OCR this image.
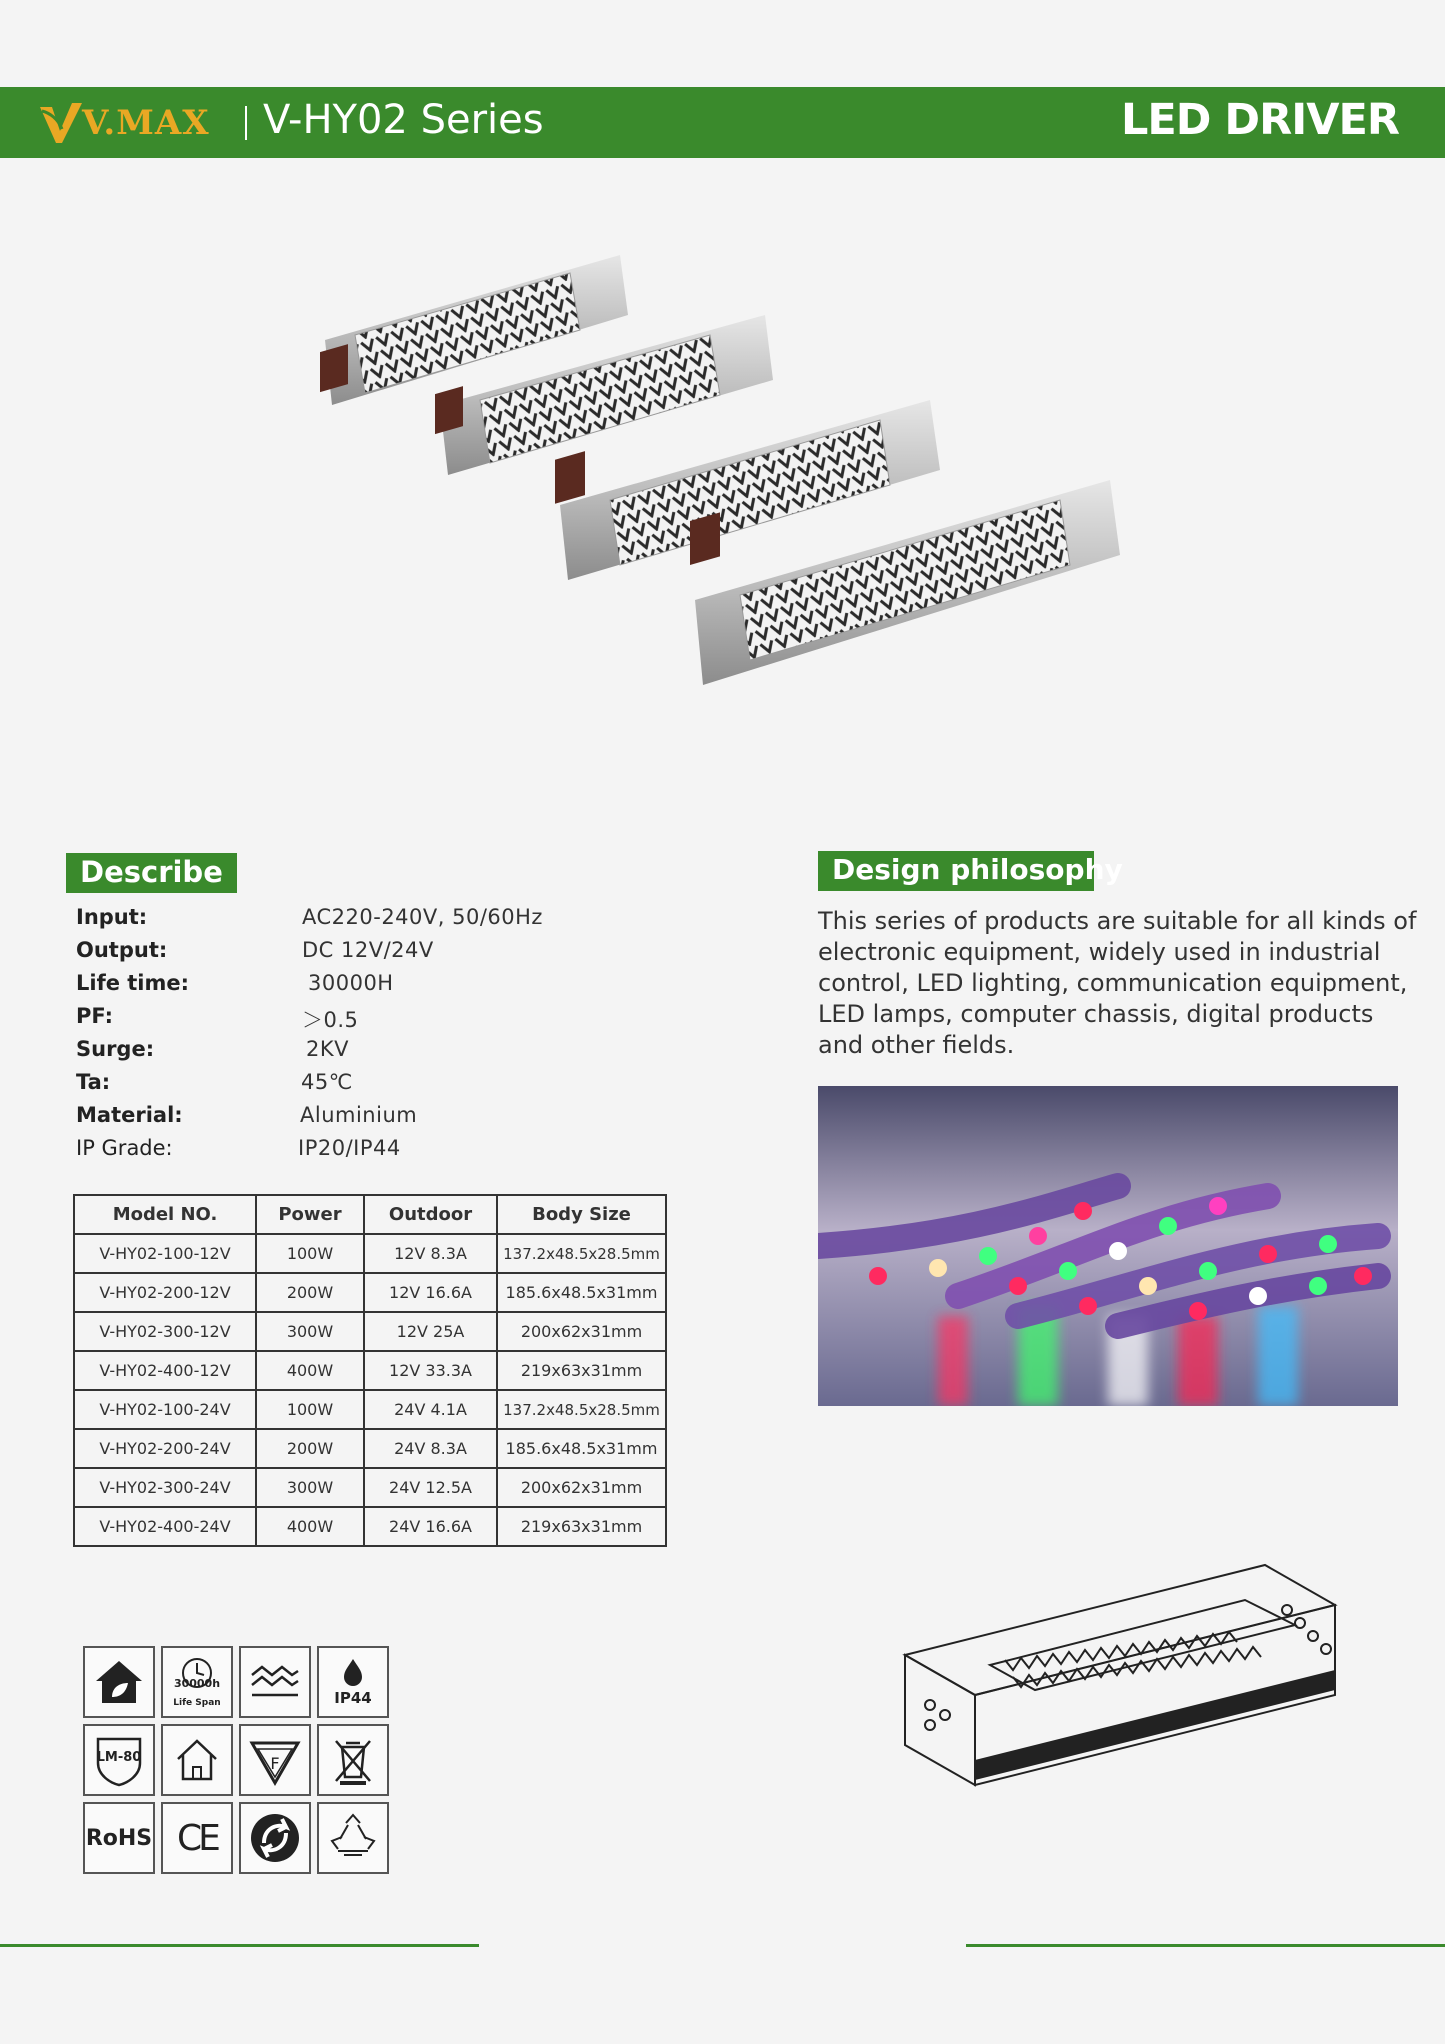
V.MAX V-HY02 Series	LED DRIVER
Describe
Input:	AC220-240V, 50/60Hz
Output:	DC 12V/24V
Life time:	30000H
PF:	＞0.5
Surge:	2KV
Ta:	45℃
Material:	Aluminium
IP Grade:	IP20/IP44
Model NO.	Power	Outdoor	Body Size
V-HY02-100-12V	100W	12V 8.3A	137.2x48.5x28.5mm
V-HY02-200-12V	200W	12V 16.6A	185.6x48.5x31mm
V-HY02-300-12V	300W	12V 25A	200x62x31mm
V-HY02-400-12V	400W	12V 33.3A	219x63x31mm
V-HY02-100-24V	100W	24V 4.1A	137.2x48.5x28.5mm
V-HY02-200-24V	200W	24V 8.3A	185.6x48.5x31mm
V-HY02-300-24V	300W	24V 12.5A	200x62x31mm
V-HY02-400-24V	400W	24V 16.6A	219x63x31mm
Design philosophy
This series of products are suitable for all kinds of electronic equipment, widely used in industrial control, LED lighting, communication equipment, LED lamps, computer chassis, digital products and other fields.
30000h
Life Span	IP44
LM-80	F
RoHS CE
